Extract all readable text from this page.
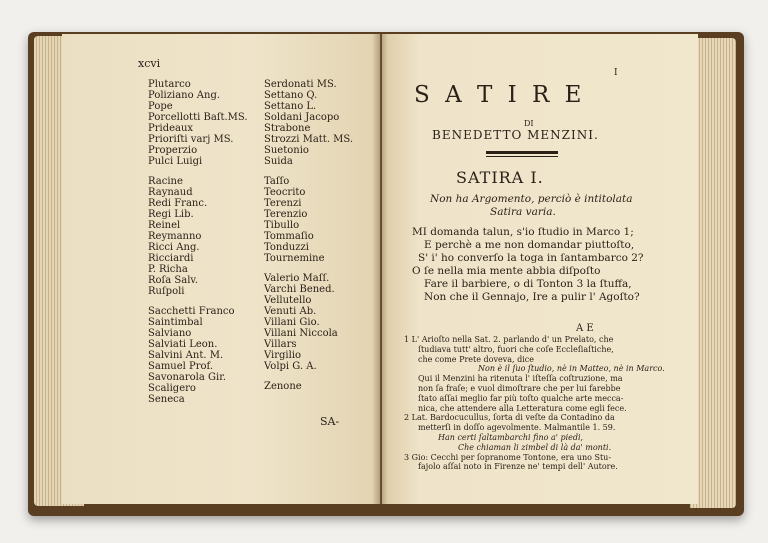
xcvi
Plutarco
Poliziano Ang.
Pope
Porcellotti Baſt.MS.
Prideaux
Prioriſti varj MS.
Properzio
Pulci Luigi
Racine
Raynaud
Redi Franc.
Regi Lib.
Reinel
Reymanno
Ricci Ang.
Ricciardi
P. Richa
Roſa Salv.
Ruſpoli
Sacchetti Franco
Saintimbal
Salviano
Salviati Leon.
Salvini Ant. M.
Samuel Prof.
Savonarola Gir.
Scaligero
Seneca
Serdonati MS.
Settano Q.
Settano L.
Soldani Jacopo
Strabone
Strozzi Matt. MS.
Suetonio
Suida
Taſſo
Teocrito
Terenzi
Terenzio
Tibullo
Tommaſio
Tonduzzi
Tournemine
Valerio Maſſ.
Varchi Bened.
Vellutello
Venuti Ab.
Villani Gio.
Villani Niccola
Villars
Virgilio
Volpi G. A.
Zenone
SA-
I
S A T I R E
DI
BENEDETTO MENZINI.
SATIRA I.
Non ha Argomento, perciò è intitolata
Satira varia.
MI domanda talun, s'io ſtudio in Marco 1;
E perchè a me non domandar piuttoſto,
S' i' ho converſo la toga in ſantambarco 2?
O ſe nella mia mente abbia diſpoſto
Fare il barbiere, o di Tonton 3 la ſtuffa,
Non che il Gennajo, Ire a pulir l' Agoſto?
A E
1 L' Arioſto nella Sat. 2. parlando d' un Prelato, che
ſtudiava tutt' altro, fuori che coſe Eccleſiaſtiche,
che come Prete doveva, dice
Non è il ſuo ſtudio, nè in Matteo, nè in Marco.
Qui il Menzini ha ritenuta l' iſteſſa coſtruzione, ma
non ſa fraſe; e vuol dimoſtrare che per lui farebbe
ſtato aſſai meglio far più toſto qualche arte mecca-
nica, che attendere alla Letteratura come egli fece.
2 Lat. Bardocucullus, ſorta di veſte da Contadino da
metterſi in doſſo agevolmente. Malmantile 1. 59.
Han certi ſaltambarchi fino a' piedi,
Che chiaman li zimbel di là da' monti.
3 Gio: Cecchi per ſopranome Tontone, era uno Stu-
fajolo aſſai noto in Firenze ne' tempi dell' Autore.
